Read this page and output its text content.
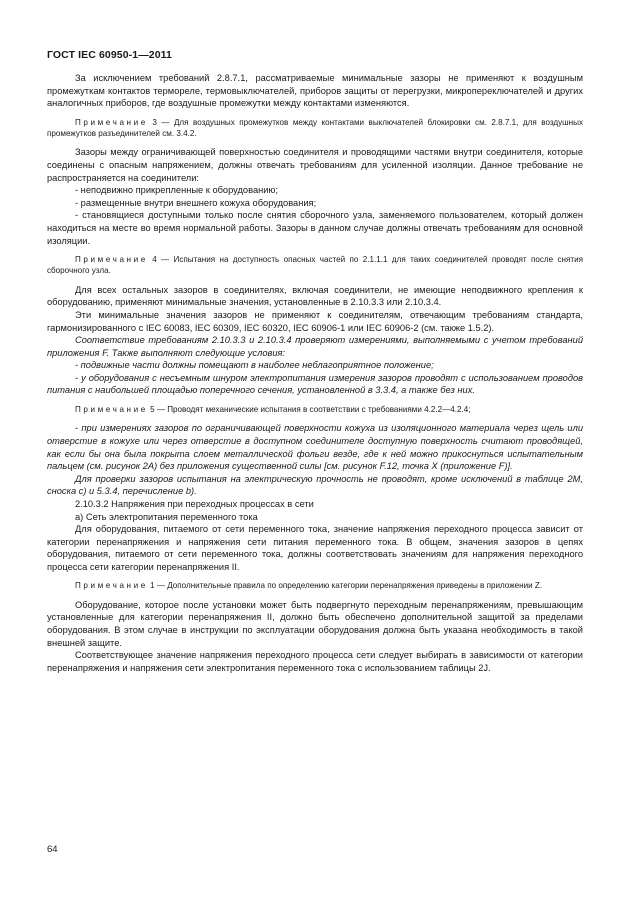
ГОСТ IEC 60950-1—2011

За исключением требований 2.8.7.1, рассматриваемые минимальные зазоры не применяют к воздушным промежуткам контактов термореле, термовыключателей, приборов защиты от перегрузки, микропереключателей и других аналогичных приборов, где воздушные промежутки между контактами изменяются.

Примечание 3 — Для воздушных промежутков между контактами выключателей блокировки см. 2.8.7.1, для воздушных промежутков разъединителей см. 3.4.2.

Зазоры между ограничивающей поверхностью соединителя и проводящими частями внутри соединителя, которые соединены с опасным напряжением, должны отвечать требованиям для усиленной изоляции. Данное требование не распространяется на соединители:

- неподвижно прикрепленные к оборудованию;

- размещенные внутри внешнего кожуха оборудования;

- становящиеся доступными только после снятия сборочного узла, заменяемого пользователем, который должен находиться на месте во время нормальной работы. Зазоры в данном случае должны отвечать требованиям для основной изоляции.

Примечание 4 — Испытания на доступность опасных частей по 2.1.1.1 для таких соединителей проводят после снятия сборочного узла.

Для всех остальных зазоров в соединителях, включая соединители, не имеющие неподвижного крепления к оборудованию, применяют минимальные значения, установленные в 2.10.3.3 или 2.10.3.4.

Эти минимальные значения зазоров не применяют к соединителям, отвечающим требованиям стандарта, гармонизированного с IEC 60083, IEC 60309, IEC 60320, IEC 60906-1 или IEC 60906-2 (см. также 1.5.2).

Соответствие требованиям 2.10.3.3 и 2.10.3.4 проверяют измерениями, выполняемыми с учетом требований приложения F. Также выполняют следующие условия:

- подвижные части должны помещают в наиболее неблагоприятное положение;

- у оборудования с несъемным шнуром электропитания измерения зазоров проводят с использованием проводов питания с наибольшей площадью поперечного сечения, установленной в 3.3.4, а также без них.

Примечание 5 — Проводят механические испытания в соответствии с требованиями 4.2.2—4.2.4;

- при измерениях зазоров по ограничивающей поверхности кожуха из изоляционного материала через щель или отверстие в кожухе или через отверстие в доступном соединителе доступную поверхность считают проводящей, как если бы она была покрыта слоем металлической фольги везде, где к ней можно прикоснуться испытательным пальцем (см. рисунок 2А) без приложения существенной силы [см. рисунок F.12, точка X (приложение F)].

Для проверки зазоров испытания на электрическую прочность не проводят, кроме исключений в таблице 2М, сноска с) и 5.3.4, перечисление b).

2.10.3.2 Напряжения при переходных процессах в сети

а) Сеть электропитания переменного тока

Для оборудования, питаемого от сети переменного тока, значение напряжения переходного процесса зависит от категории перенапряжения и напряжения сети питания переменного тока. В общем, значения зазоров в цепях оборудования, питаемого от сети переменного тока, должны соответствовать значениям для напряжения переходного процесса сети категории перенапряжения II.

Примечание 1 — Дополнительные правила по определению категории перенапряжения приведены в приложении Z.

Оборудование, которое после установки может быть подвергнуто переходным перенапряжениям, превышающим установленные для категории перенапряжения II, должно быть обеспечено дополнительной защитой за пределами оборудования. В этом случае в инструкции по эксплуатации оборудования должна быть указана необходимость в такой внешней защите.

Соответствующее значение напряжения переходного процесса сети следует выбирать в зависимости от категории перенапряжения и напряжения сети электропитания переменного тока с использованием таблицы 2J.

64
